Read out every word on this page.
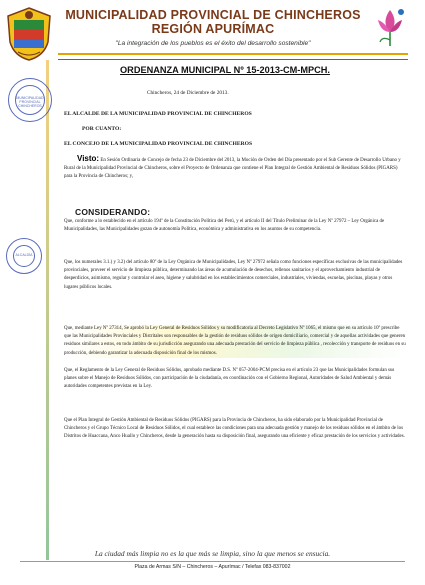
MUNICIPALIDAD PROVINCIAL DE CHINCHEROS
REGIÓN APURÍMAC
"La integración de los pueblos es el éxito del desarrollo sostenible"
ORDENANZA MUNICIPAL Nº 15-2013-CM-MPCH.
MUNICIPALIDAD PROVINCIAL CHINCHEROS
ALCALDÍA
Chincheros, 24 de Diciembre de 2013.
EL ALCALDE DE LA MUNICIPALIDAD PROVINCIAL DE CHINCHEROS
POR CUANTO:
EL CONCEJO DE LA MUNICIPALIDAD PROVINCIAL DE CHINCHEROS
Visto: En Sesión Ordinaria de Concejo de fecha 23 de Diciembre del 2013, la Moción de Orden del Día presentado por el Sub Gerente de Desarrollo Urbano y Rural de la Municipalidad Provincial de Chincheros, sobre el Proyecto de Ordenanza que contiene el Plan Integral de Gestión Ambiental de Residuos Sólidos (PIGARS) para la Provincia de Chincheros; y,
CONSIDERANDO:
Que, conforme a lo establecido en el artículo 194º de la Constitución Política del Perú, y el artículo II del Título Preliminar de la Ley Nº 27972 – Ley Orgánica de Municipalidades, las Municipalidades gozan de autonomía Política, económica y administrativa en los asuntos de su competencia.
Que, los numerales 3.1.) y 3.2) del artículo 80º de la Ley Orgánica de Municipalidades, Ley Nº 27972 señala como funciones específicas exclusivas de las municipalidades provinciales, proveer el servicio de limpieza pública, determinando las áreas de acumulación de desechos, rellenos sanitarios y el aprovechamiento industrial de desperdicios, asimismo, regular y controlar el aseo, higiene y salubridad en los establecimientos comerciales, industriales, viviendas, escuelas, piscinas, playas y otros lugares públicos locales.
Que, mediante Ley Nº 27314, Se aprobó la Ley General de Residuos Sólidos y su modificatoria al Decreto Legislativo Nº 1065, el mismo que en su artículo 10º prescribe que las Municipalidades Provinciales y Distritales son responsables de la gestión de residuos sólidos de origen domiciliario, comercial y de aquellas actividades que generen residuos similares a estos, en todo ámbito de su jurisdicción asegurando una adecuada prestación del servicio de limpieza pública , recolección y transporte de residuos en su producción, debiendo garantizar la adecuada disposición final de los mismos.
Que, el Reglamento de la Ley General de Residuos Sólidos, aprobado mediante D.S. Nº 057-2004-PCM precisa en el artículo 23 que las Municipalidades formulan sus planes sobre el Manejo de Residuos Sólidos, con participación de la ciudadanía, en coordinación con el Gobierno Regional, Autoridades de Salud Ambiental y demás autoridades competentes previstas en la Ley.
Que el Plan Integral de Gestión Ambiental de Residuos Sólidos (PIGARS) para la Provincia de Chincheros, ha sido elaborado por la Municipalidad Provincial de Chincheros y el Grupo Técnico Local de Residuos Sólidos, el cual establece las condiciones para una adecuada gestión y manejo de los residuos sólidos en el ámbito de los Distritos de Huaccana, Anco Huallo y Chincheros, desde la generación hasta su disposición final, asegurando una eficiente y eficaz prestación de los servicios y actividades.
La ciudad más limpia no es la que más se limpia, sino la que menos se ensucia.
Plaza de Armas S/N – Chincheros – Apurímac / Telefax 083-837002
